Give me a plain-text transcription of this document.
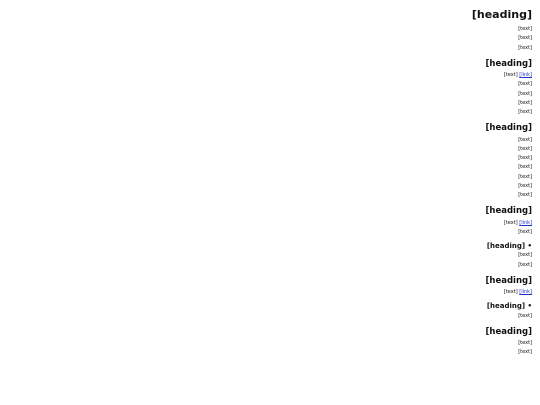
[heading]
[text]
[text]
[text]
[heading]
[link] [text]
[text]
[text]
[text]
[text]
[heading]
[text]
[text]
[text]
[text]
[text]
[text]
[text]
[heading]
[link] [text]
[text]
• [heading]
[text]
[text]
[heading]
[link] [text]
• [heading]
[text]
[heading]
[text]
[text]
